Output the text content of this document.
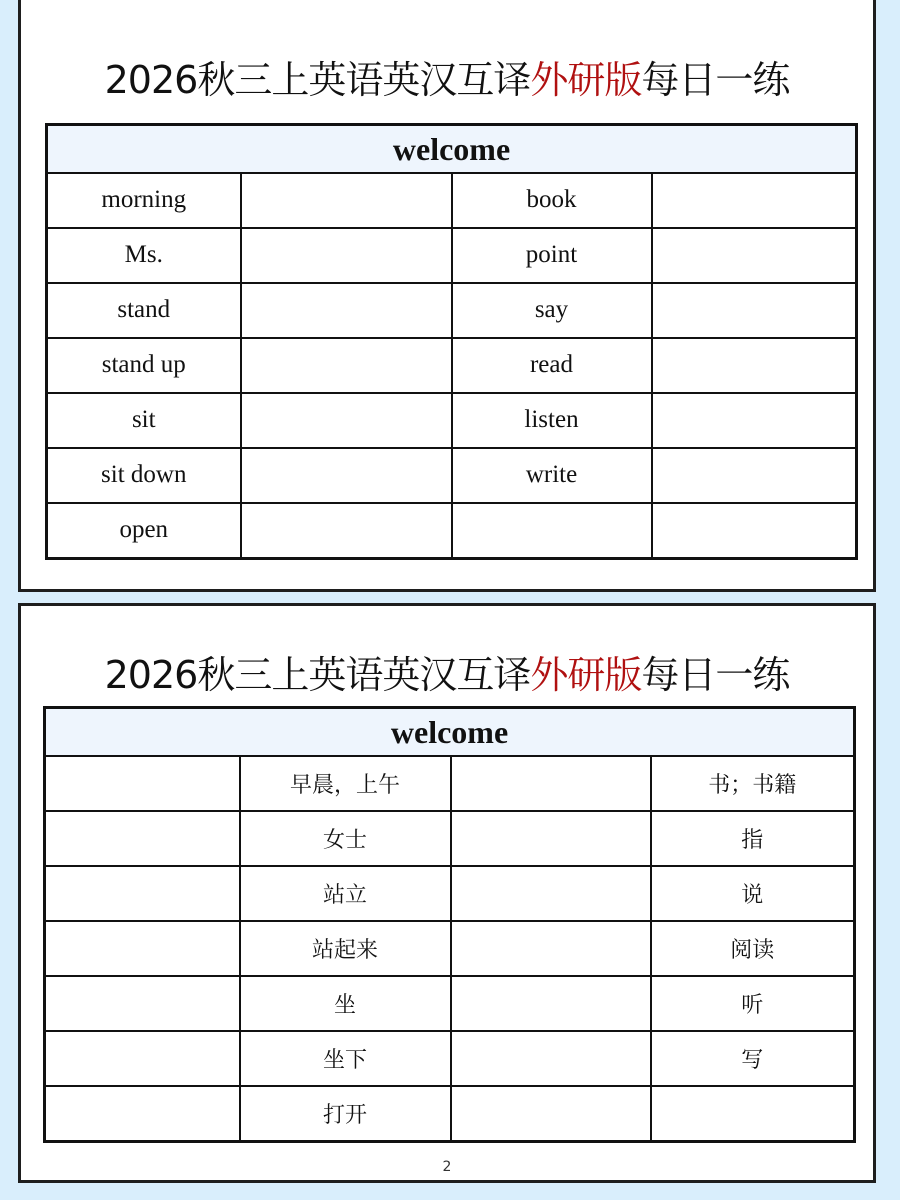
2026秋三上英语英汉互译外研版每日一练
welcome			
morning		book	
Ms.		point	
stand		say	
stand up		read	
sit		listen	
sit down		write	
open			
2026秋三上英语英汉互译外研版每日一练
welcome			
	早晨，上午		书；书籍
	女士		指
	站立		说
	站起来		阅读
	坐		听
	坐下		写
	打开		
2
